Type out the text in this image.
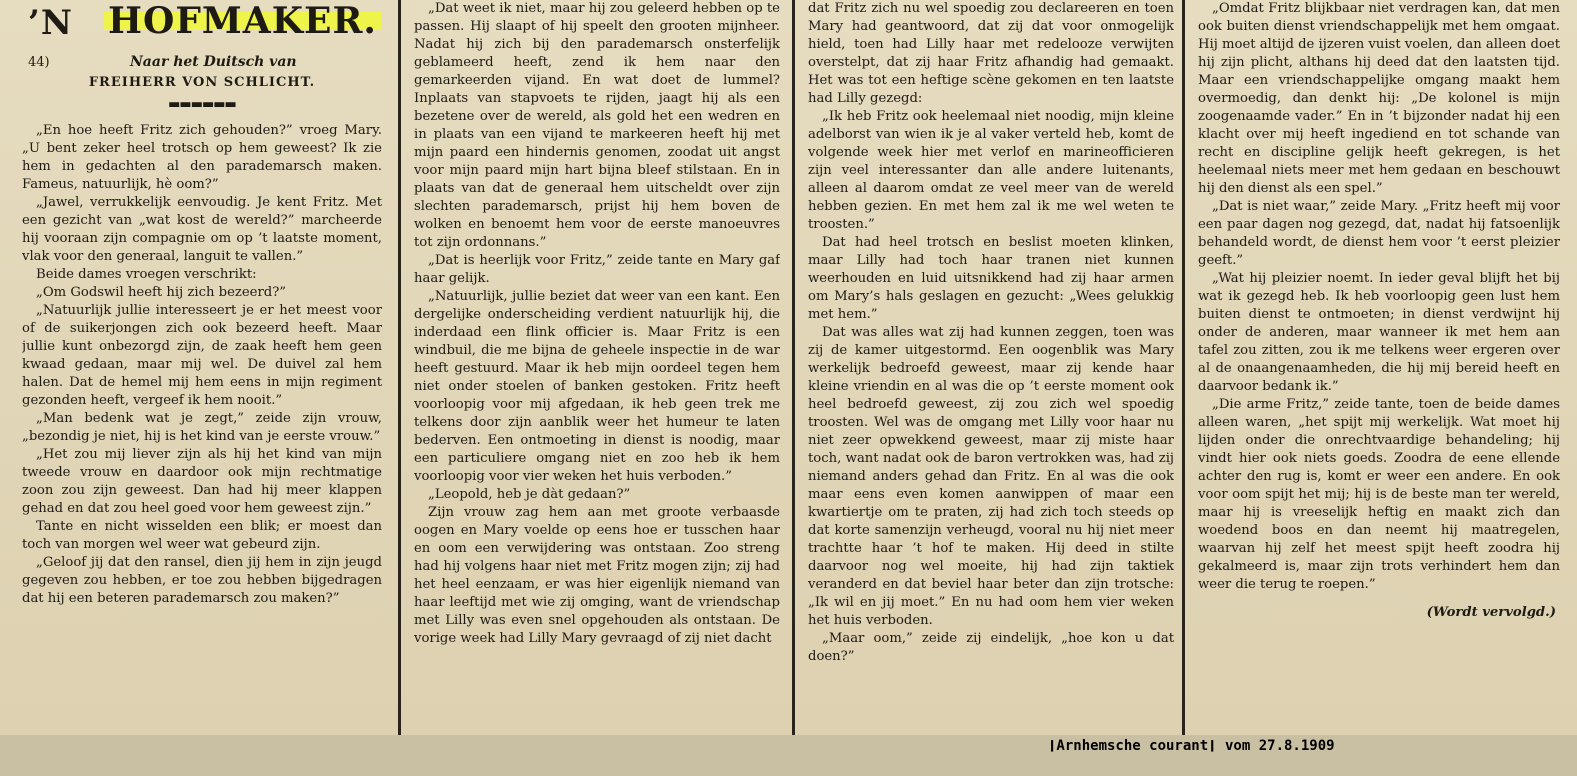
’N HOFMAKER.
44)	Naar het Duitsch van
FREIHERR VON SCHLICHT.
▬▬▬▬▬▬

„En hoe heeft Fritz zich gehouden?” vroeg Mary. „U bent zeker heel trotsch op hem geweest? Ik zie hem in gedachten al den parademarsch maken. Fameus, natuurlijk, hè oom?”

„Jawel, verrukkelijk eenvoudig. Je kent Fritz. Met een gezicht van „wat kost de wereld?” marcheerde hij vooraan zijn compagnie om op ’t laatste moment, vlak voor den generaal, languit te vallen.”

Beide dames vroegen verschrikt:

„Om Godswil heeft hij zich bezeerd?”

„Natuurlijk jullie interesseert je er het meest voor of de suikerjongen zich ook bezeerd heeft. Maar jullie kunt onbezorgd zijn, de zaak heeft hem geen kwaad gedaan, maar mij wel. De duivel zal hem halen. Dat de hemel mij hem eens in mijn regiment gezonden heeft, vergeef ik hem nooit.”

„Man bedenk wat je zegt,” zeide zijn vrouw, „bezondig je niet, hij is het kind van je eerste vrouw.”

„Het zou mij liever zijn als hij het kind van mijn tweede vrouw en daardoor ook mijn rechtmatige zoon zou zijn geweest. Dan had hij meer klappen gehad en dat zou heel goed voor hem geweest zijn.”

Tante en nicht wisselden een blik; er moest dan toch van morgen wel weer wat gebeurd zijn.

„Geloof jij dat den ransel, dien jij hem in zijn jeugd gegeven zou hebben, er toe zou hebben bijgedragen dat hij een beteren parademarsch zou maken?”

„Dat weet ik niet, maar hij zou geleerd hebben op te passen. Hij slaapt of hij speelt den grooten mijnheer. Nadat hij zich bij den parademarsch onsterfelijk geblameerd heeft, zend ik hem naar den gemarkeerden vijand. En wat doet de lummel? Inplaats van stapvoets te rijden, jaagt hij als een bezetene over de wereld, als gold het een wedren en in plaats van een vijand te markeeren heeft hij met mijn paard een hindernis genomen, zoodat uit angst voor mijn paard mijn hart bijna bleef stilstaan. En in plaats van dat de generaal hem uitscheldt over zijn slechten parademarsch, prijst hij hem boven de wolken en benoemt hem voor de eerste manoeuvres tot zijn ordonnans.”

„Dat is heerlijk voor Fritz,” zeide tante en Mary gaf haar gelijk.

„Natuurlijk, jullie beziet dat weer van een kant. Een dergelijke onderscheiding verdient natuurlijk hij, die inderdaad een flink officier is. Maar Fritz is een windbuil, die me bijna de geheele inspectie in de war heeft gestuurd. Maar ik heb mijn oordeel tegen hem niet onder stoelen of banken gestoken. Fritz heeft voorloopig voor mij afgedaan, ik heb geen trek me telkens door zijn aanblik weer het humeur te laten bederven. Een ontmoeting in dienst is noodig, maar een particuliere omgang niet en zoo heb ik hem voorloopig voor vier weken het huis verboden.”

„Leopold, heb je dàt gedaan?”

Zijn vrouw zag hem aan met groote verbaasde oogen en Mary voelde op eens hoe er tusschen haar en oom een verwijdering was ontstaan. Zoo streng had hij volgens haar niet met Fritz mogen zijn; zij had het heel eenzaam, er was hier eigenlijk niemand van haar leeftijd met wie zij omging, want de vriendschap met Lilly was even snel opgehouden als ontstaan. De vorige week had Lilly Mary gevraagd of zij niet dacht

dat Fritz zich nu wel spoedig zou declareeren en toen Mary had geantwoord, dat zij dat voor onmogelijk hield, toen had Lilly haar met redelooze verwijten overstelpt, dat zij haar Fritz afhandig had gemaakt. Het was tot een heftige scène gekomen en ten laatste had Lilly gezegd:

„Ik heb Fritz ook heelemaal niet noodig, mijn kleine adelborst van wien ik je al vaker verteld heb, komt de volgende week hier met verlof en marineofficieren zijn veel interessanter dan alle andere luitenants, alleen al daarom omdat ze veel meer van de wereld hebben gezien. En met hem zal ik me wel weten te troosten.”

Dat had heel trotsch en beslist moeten klinken, maar Lilly had toch haar tranen niet kunnen weerhouden en luid uitsnikkend had zij haar armen om Mary’s hals geslagen en gezucht: „Wees gelukkig met hem.”

Dat was alles wat zij had kunnen zeggen, toen was zij de kamer uitgestormd. Een oogenblik was Mary werkelijk bedroefd geweest, maar zij kende haar kleine vriendin en al was die op ’t eerste moment ook heel bedroefd geweest, zij zou zich wel spoedig troosten. Wel was de omgang met Lilly voor haar nu niet zeer opwekkend geweest, maar zij miste haar toch, want nadat ook de baron vertrokken was, had zij niemand anders gehad dan Fritz. En al was die ook maar eens even komen aanwippen of maar een kwartiertje om te praten, zij had zich toch steeds op dat korte samenzijn verheugd, vooral nu hij niet meer trachtte haar ’t hof te maken. Hij deed in stilte daarvoor nog wel moeite, hij had zijn taktiek veranderd en dat beviel haar beter dan zijn trotsche: „Ik wil en jij moet.” En nu had oom hem vier weken het huis verboden.

„Maar oom,” zeide zij eindelijk, „hoe kon u dat doen?”

„Omdat Fritz blijkbaar niet verdragen kan, dat men ook buiten dienst vriendschappelijk met hem omgaat. Hij moet altijd de ijzeren vuist voelen, dan alleen doet hij zijn plicht, althans hij deed dat den laatsten tijd. Maar een vriendschappelijke omgang maakt hem overmoedig, dan denkt hij: „De kolonel is mijn zoogenaamde vader.” En in ’t bijzonder nadat hij een klacht over mij heeft ingediend en tot schande van recht en discipline gelijk heeft gekregen, is het heelemaal niets meer met hem gedaan en beschouwt hij den dienst als een spel.”

„Dat is niet waar,” zeide Mary. „Fritz heeft mij voor een paar dagen nog gezegd, dat, nadat hij fatsoenlijk behandeld wordt, de dienst hem voor ’t eerst pleizier geeft.”

„Wat hij pleizier noemt. In ieder geval blijft het bij wat ik gezegd heb. Ik heb voorloopig geen lust hem buiten dienst te ontmoeten; in dienst verdwijnt hij onder de anderen, maar wanneer ik met hem aan tafel zou zitten, zou ik me telkens weer ergeren over al de onaangenaamheden, die hij mij bereid heeft en daarvoor bedank ik.”

„Die arme Fritz,” zeide tante, toen de beide dames alleen waren, „het spijt mij werkelijk. Wat moet hij lijden onder die onrechtvaardige behandeling; hij vindt hier ook niets goeds. Zoodra de eene ellende achter den rug is, komt er weer een andere. En ook voor oom spijt het mij; hij is de beste man ter wereld, maar hij is vreeselijk heftig en maakt zich dan woedend boos en dan neemt hij maatregelen, waarvan hij zelf het meest spijt heeft zoodra hij gekalmeerd is, maar zijn trots verhindert hem dan weer die terug te roepen.”

(Wordt vervolgd.)
❙Arnhemsche courant❙ vom 27.8.1909
